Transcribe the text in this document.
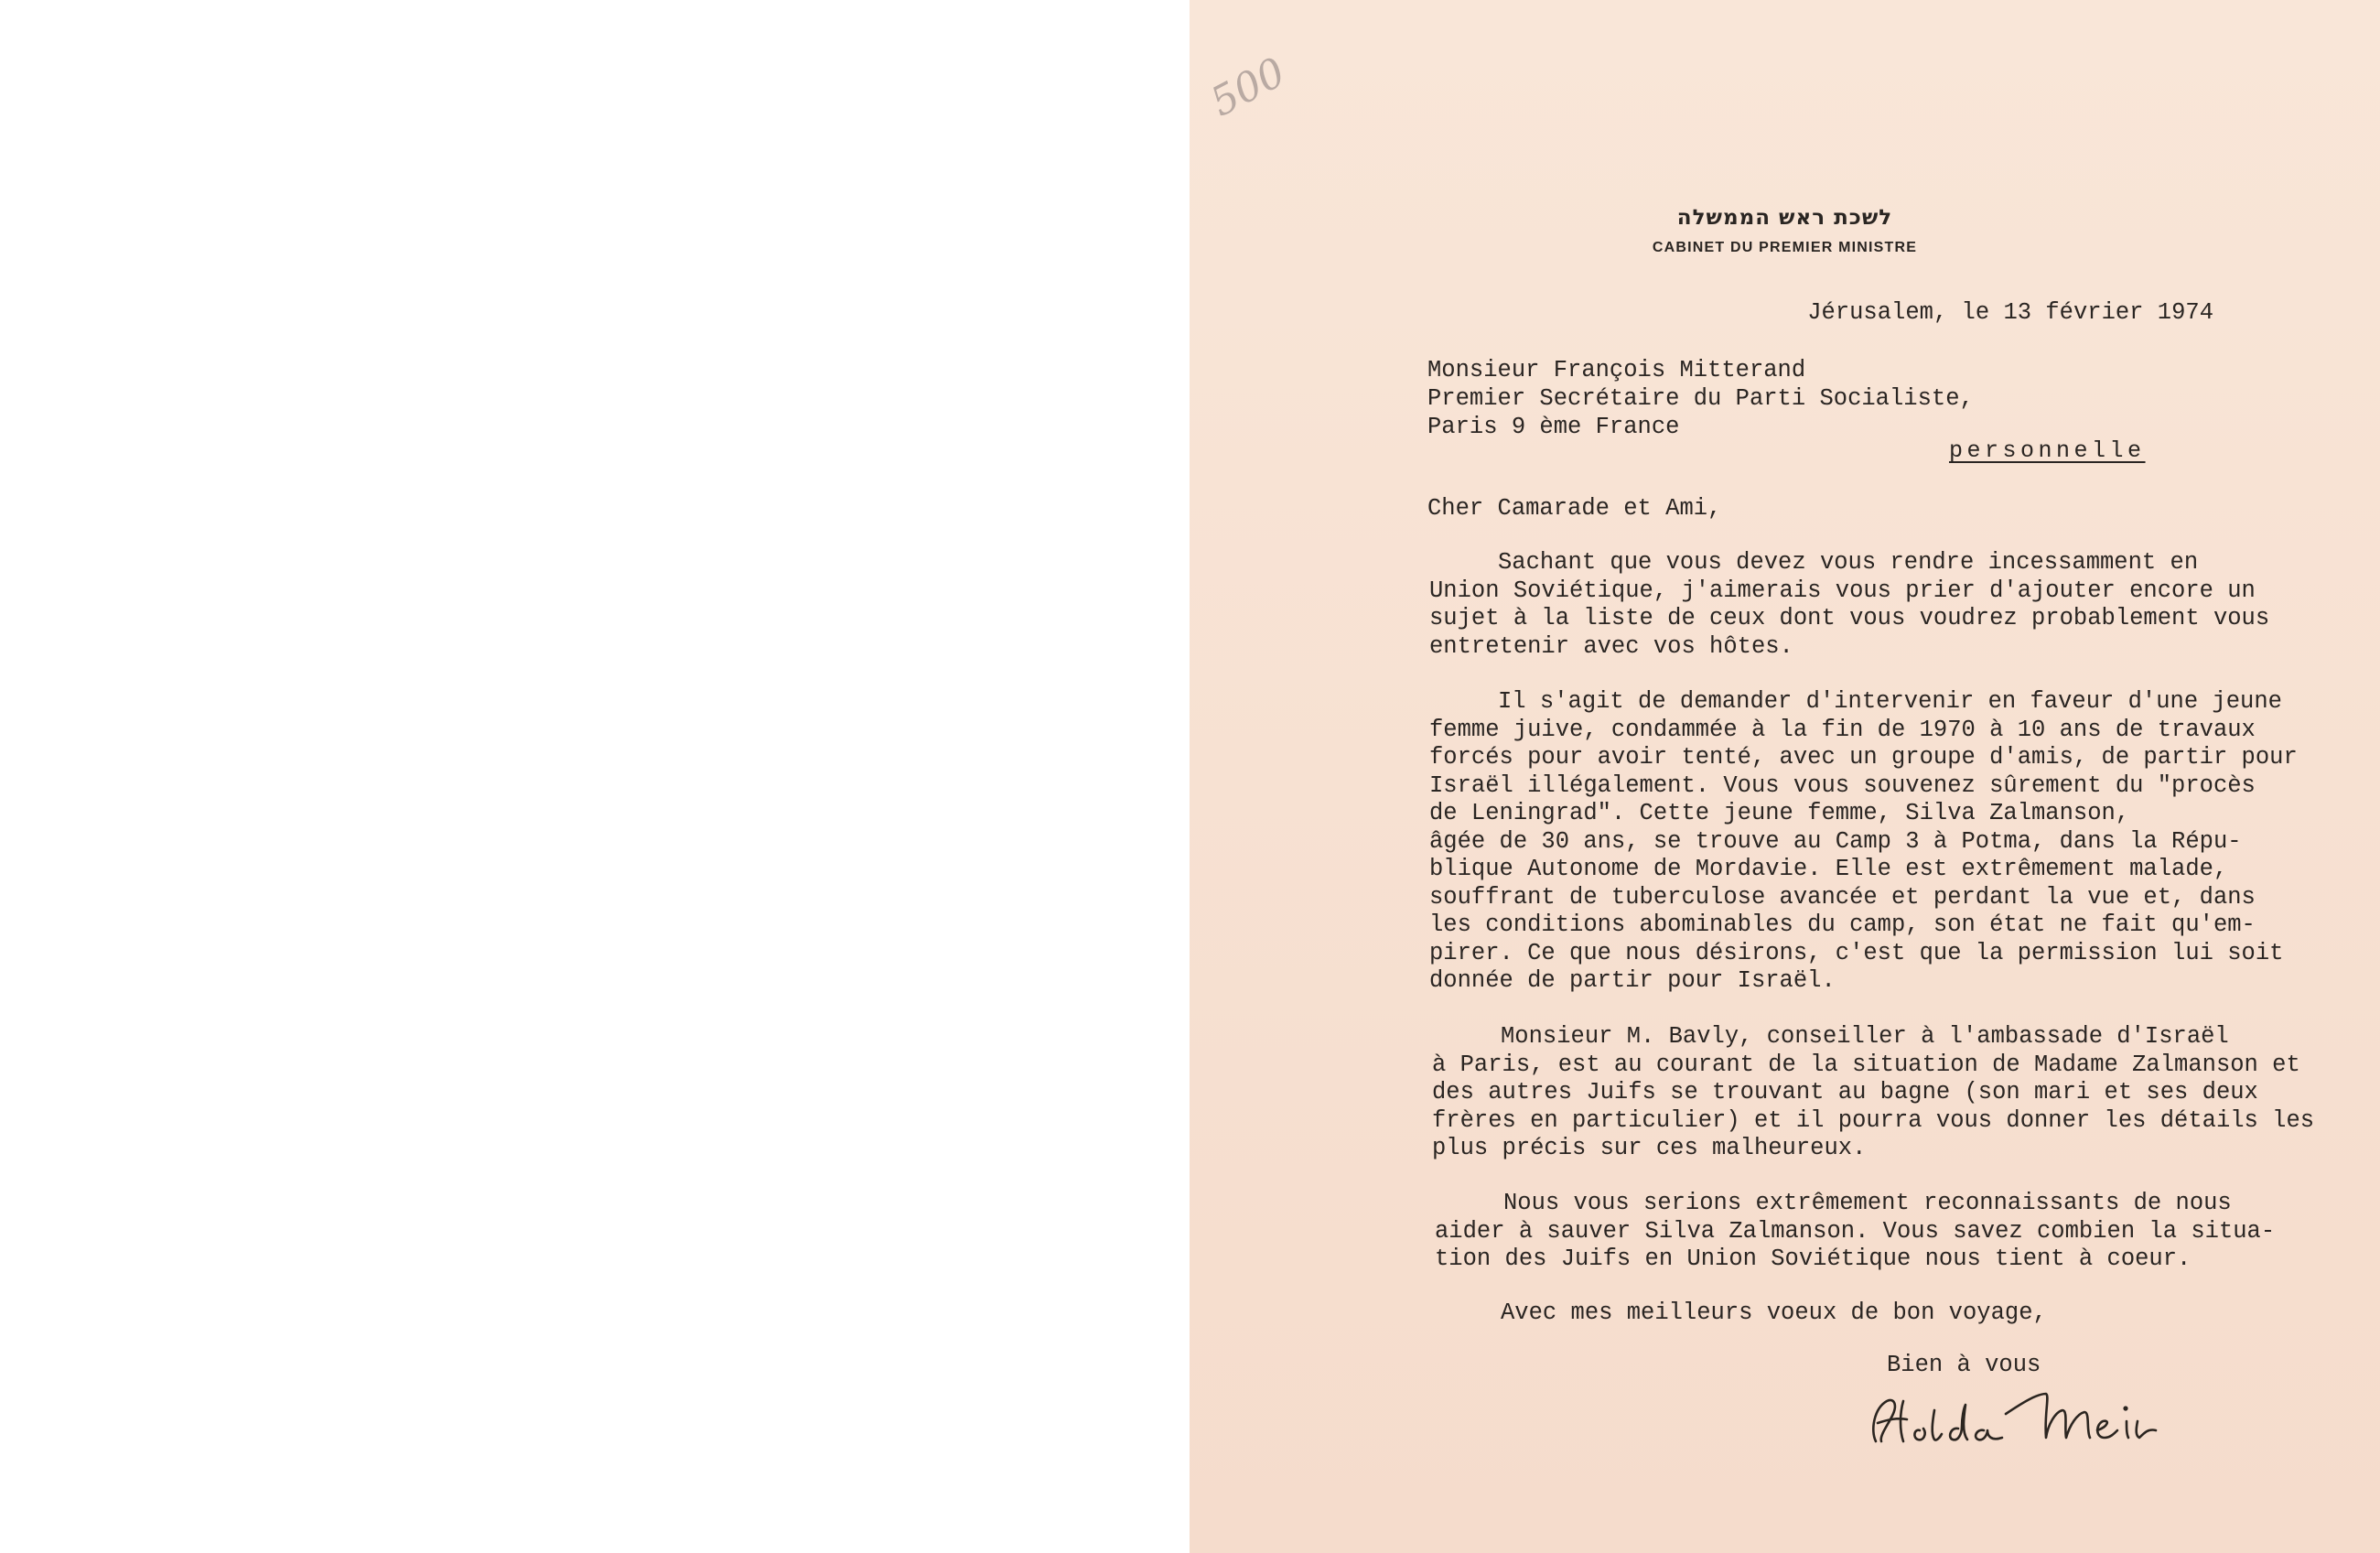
500
לשכת ראש הממשלה
CABINET DU PREMIER MINISTRE
Jérusalem, le 13 février 1974
Monsieur François Mitterand
Premier Secrétaire du Parti Socialiste,
Paris 9 ème France
personnelle
Cher Camarade et Ami,
Sachant que vous devez vous rendre incessamment en
Union Soviétique, j'aimerais vous prier d'ajouter encore un
sujet à la liste de ceux dont vous voudrez probablement vous
entretenir avec vos hôtes.
Il s'agit de demander d'intervenir en faveur d'une jeune
femme juive, condammée à la fin de 1970 à 10 ans de travaux
forcés pour avoir tenté, avec un groupe d'amis, de partir pour
Israël illégalement. Vous vous souvenez sûrement du "procès
de Leningrad". Cette jeune femme, Silva Zalmanson,
âgée de 30 ans, se trouve au Camp 3 à Potma, dans la Répu-
blique Autonome de Mordavie. Elle est extrêmement malade,
souffrant de tuberculose avancée et perdant la vue et, dans
les conditions abominables du camp, son état ne fait qu'em-
pirer. Ce que nous désirons, c'est que la permission lui soit
donnée de partir pour Israël.
Monsieur M. Bavly, conseiller à l'ambassade d'Israël
à Paris, est au courant de la situation de Madame Zalmanson et
des autres Juifs se trouvant au bagne (son mari et ses deux
frères en particulier) et il pourra vous donner les détails les
plus précis sur ces malheureux.
Nous vous serions extrêmement reconnaissants de nous
aider à sauver Silva Zalmanson. Vous savez combien la situa-
tion des Juifs en Union Soviétique nous tient à coeur.
Avec mes meilleurs voeux de bon voyage,
Bien à vous
